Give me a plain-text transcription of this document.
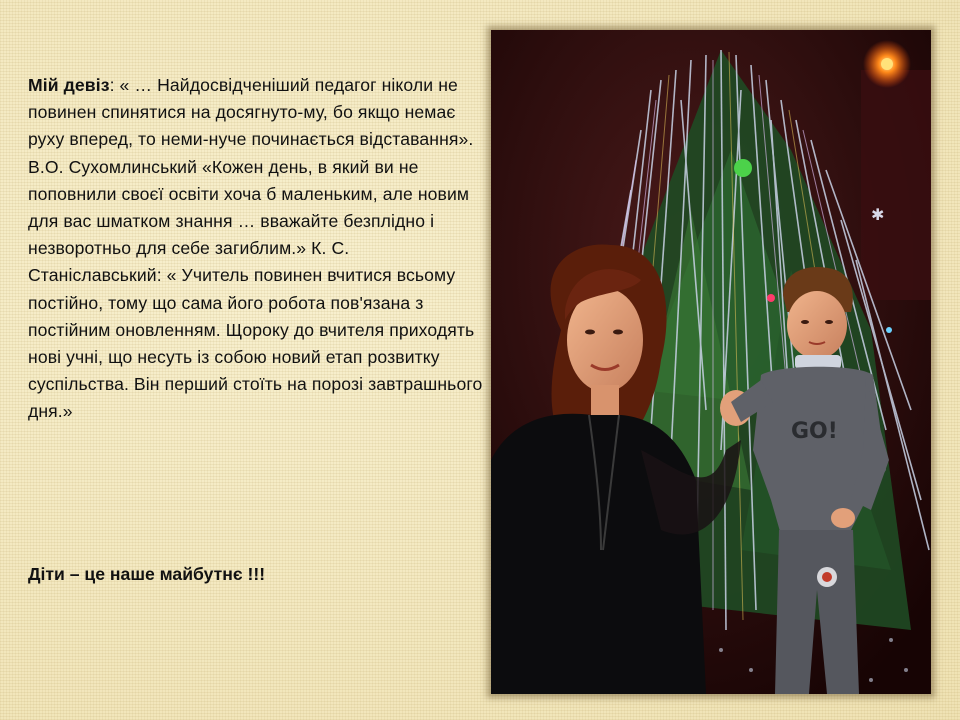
Мій девіз: « … Найдосвідченіший педагог ніколи не повинен спинятися на досягнуто-му, бо якщо немає руху вперед, то неми-нуче починається відставання». В.О. Сухомлинський «Кожен день, в який ви не поповнили своєї освіти хоча б маленьким, але новим для вас шматком знання … вважайте безплідно і незворотньо для себе загиблим.» К. С. Станіславський: « Учитель повинен вчитися всьому постійно, тому що сама його робота пов'язана з постійним оновленням. Щороку до вчителя приходять нові учні, що несуть із собою новий етап розвитку суспільства. Він перший стоїть на порозі завтрашнього дня.»

Діти – це наше майбутнє !!!
✱
GO!
